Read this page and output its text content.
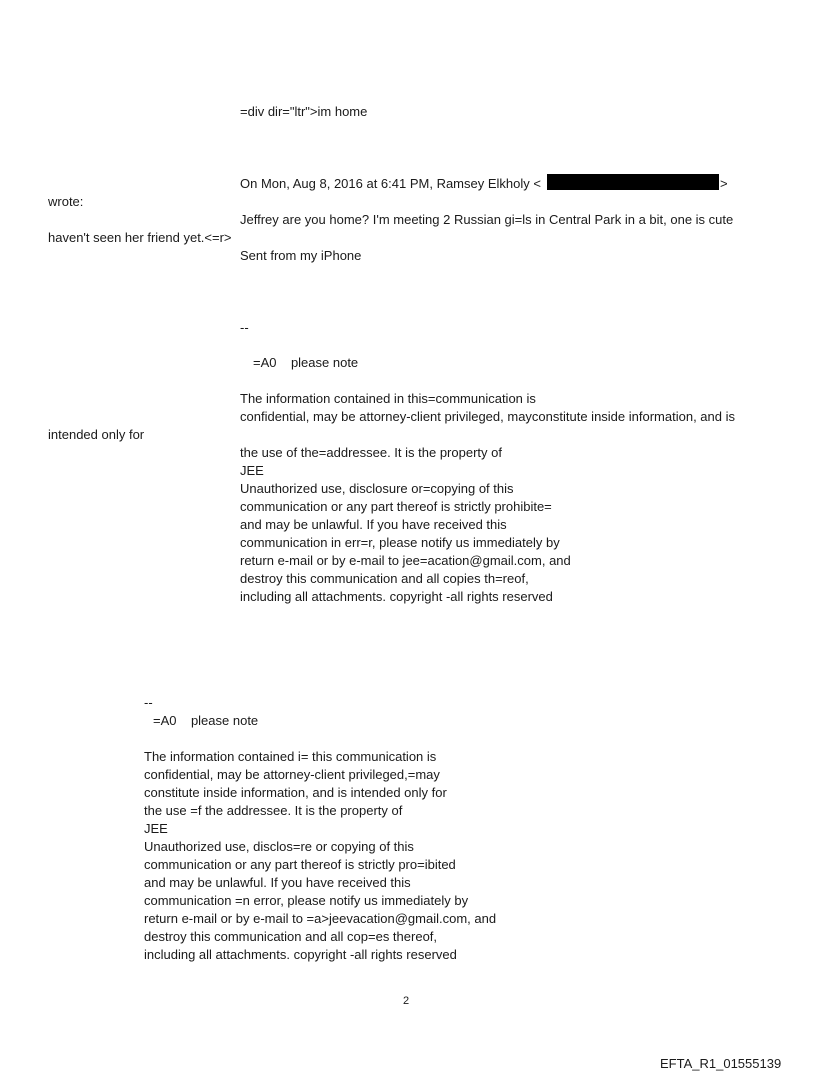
=div dir="ltr">im home
On Mon, Aug 8, 2016 at 6:41 PM, Ramsey Elkholy <	>
wrote:
Jeffrey are you home? I'm meeting 2 Russian gi=ls in Central Park in a bit, one is cute
haven't seen her friend yet.<=r>
Sent from my iPhone
--
=A0    please note
The information contained in this=communication is
confidential, may be attorney-client privileged, mayconstitute inside information, and is
intended only for
the use of the=addressee. It is the property of
JEE
Unauthorized use, disclosure or=copying of this
communication or any part thereof is strictly prohibite=
and may be unlawful. If you have received this
communication in err=r, please notify us immediately by
return e-mail or by e-mail to jee=acation@gmail.com, and
destroy this communication and all copies th=reof,
including all attachments. copyright -all rights reserved
--
=A0    please note
The information contained i= this communication is
confidential, may be attorney-client privileged,=may
constitute inside information, and is intended only for
the use =f the addressee. It is the property of
JEE
Unauthorized use, disclos=re or copying of this
communication or any part thereof is strictly pro=ibited
and may be unlawful. If you have received this
communication =n error, please notify us immediately by
return e-mail or by e-mail to =a>jeevacation@gmail.com, and
destroy this communication and all cop=es thereof,
including all attachments. copyright -all rights reserved
2
EFTA_R1_01555139
